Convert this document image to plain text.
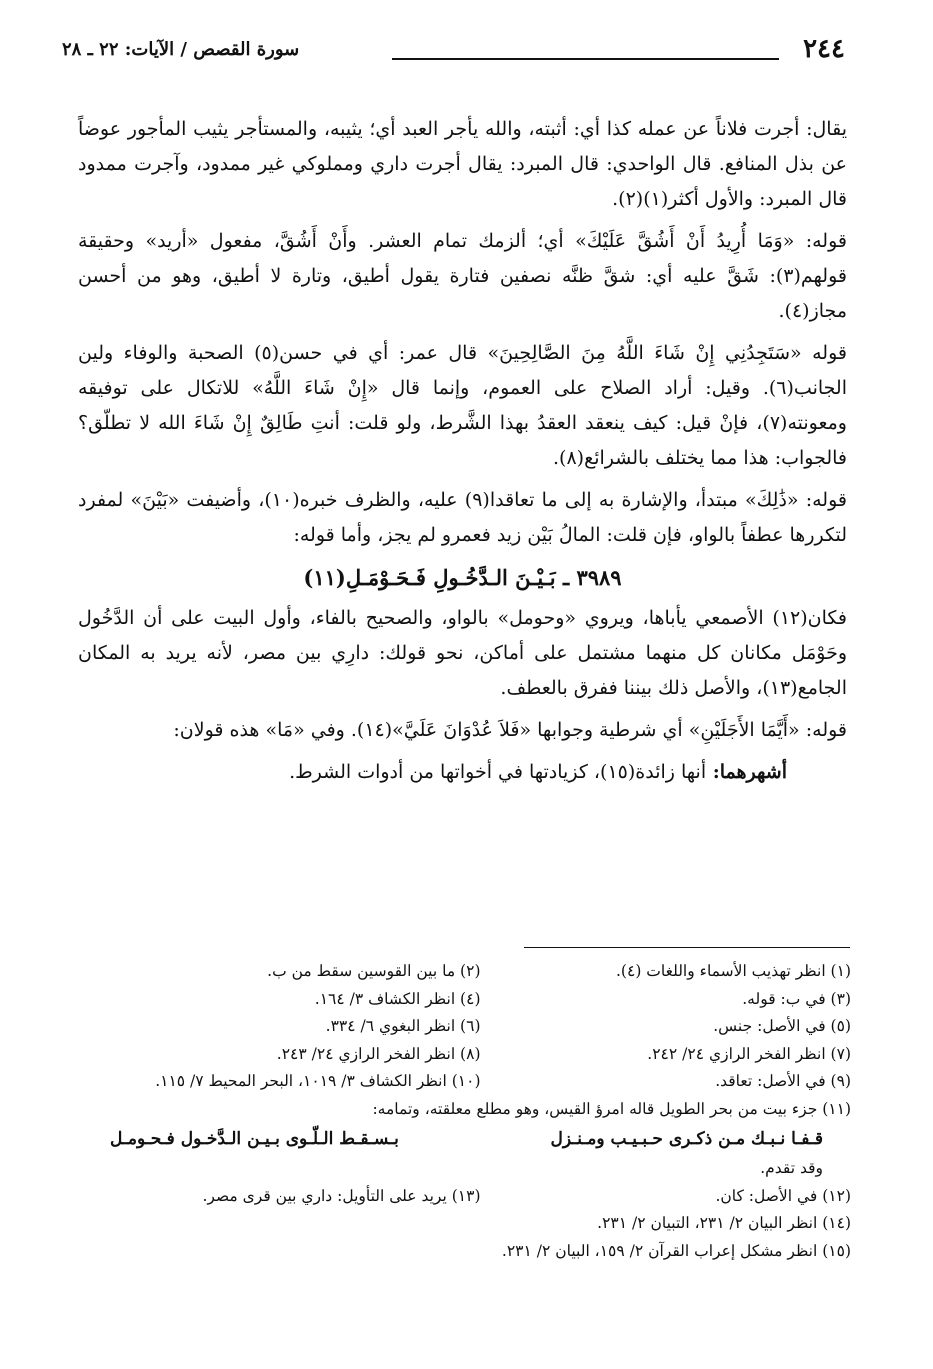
٢٤٤
سورة القصص / الآيات: ٢٢ ـ ٢٨

يقال: أجرت فلاناً عن عمله كذا أي: أثبته، والله يأجر العبد أي؛ يثيبه، والمستأجر يثيب المأجور عوضاً عن بذل المنافع. قال الواحدي: قال المبرد: يقال أجرت داري ومملوكي غير ممدود، وآجرت ممدود قال المبرد: والأول أكثر(١)(٢).

قوله: «وَمَا أُرِيدُ أَنْ أَشُقَّ عَلَيْكَ» أي؛ ألزمك تمام العشر. وأَنْ أَشُقَّ، مفعول «أريد» وحقيقة قولهم(٣): شَقَّ عليه أي: شقَّ ظنَّه نصفين فتارة يقول أطيق، وتارة لا أطيق، وهو من أحسن مجاز(٤).

قوله «سَتَجِدُنِي إِنْ شَاءَ اللَّهُ مِنَ الصَّالِحِينَ» قال عمر: أي في حسن(٥) الصحبة والوفاء ولين الجانب(٦). وقيل: أراد الصلاح على العموم، وإنما قال «إِنْ شَاءَ اللَّهُ» للاتكال على توفيقه ومعونته(٧)، فإنْ قيل: كيف ينعقد العقدُ بهذا الشَّرط، ولو قلت: أنتِ طَالِقٌ إِنْ شَاءَ الله لا تطلّق؟ فالجواب: هذا مما يختلف بالشرائع(٨).

قوله: «ذَٰلِكَ» مبتدأ، والإشارة به إلى ما تعاقدا(٩) عليه، والظرف خبره(١٠)، وأضيفت «بَيْنَ» لمفرد لتكررها عطفاً بالواو، فإن قلت: المالُ بَيْن زيد فعمرو لم يجز، وأما قوله:

٣٩٨٩ ـ بَـيْـنَ الـدَّخُـولِ فَـحَـوْمَـلِ(١١)

فكان(١٢) الأصمعي يأباها، ويروي «وحومل» بالواو، والصحيح بالفاء، وأول البيت على أن الدَّخُول وحَوْمَل مكانان كل منهما مشتمل على أماكن، نحو قولك: دارِي بين مصر، لأنه يريد به المكان الجامع(١٣)، والأصل ذلك بيننا ففرق بالعطف.

قوله: «أَيَّمَا الأَجَلَيْنِ» أي شرطية وجوابها «فَلاَ عُدْوَانَ عَلَيَّ»(١٤). وفي «مَا» هذه قولان:

أشهرهما: أنها زائدة(١٥)، كزيادتها في أخواتها من أدوات الشرط.

(١) انظر تهذيب الأسماء واللغات (٤).
(٢) ما بين القوسين سقط من ب.
(٣) في ب: قوله.
(٤) انظر الكشاف ٣/ ١٦٤.
(٥) في الأصل: جنس.
(٦) انظر البغوي ٦/ ٣٣٤.
(٧) انظر الفخر الرازي ٢٤/ ٢٤٢.
(٨) انظر الفخر الرازي ٢٤/ ٢٤٣.
(٩) في الأصل: تعاقد.
(١٠) انظر الكشاف ٣/ ١٠١٩، البحر المحيط ٧/ ١١٥.
(١١) جزء بيت من بحر الطويل قاله امرؤ القيس، وهو مطلع معلقته، وتمامه:
قـفـا نـبـك مـن ذكـرى حـبـيـب ومـنـزل
بـسـقـط الـلّـوى بـيـن الـدَّخـول فـحـومـل
وقد تقدم.
(١٢) في الأصل: كان.
(١٣) يريد على التأويل: داري بين قرى مصر.
(١٤) انظر البيان ٢/ ٢٣١، التبيان ٢/ ٢٣١.
(١٥) انظر مشكل إعراب القرآن ٢/ ١٥٩، البيان ٢/ ٢٣١.
